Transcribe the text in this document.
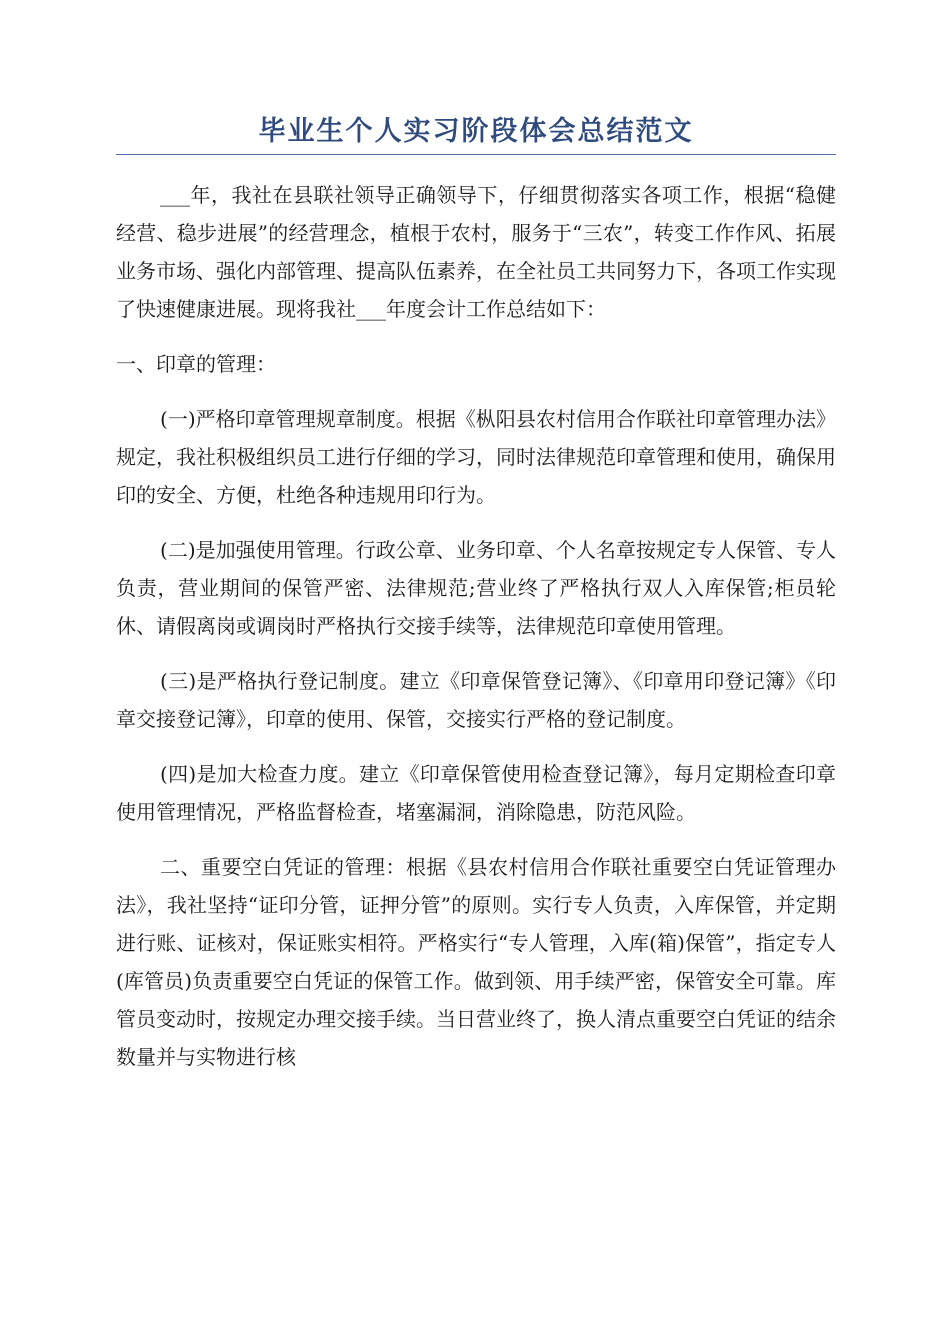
毕业生个人实习阶段体会总结范文

___年，我社在县联社领导正确领导下，仔细贯彻落实各项工作，根据“稳健经营、稳步进展”的经营理念，植根于农村，服务于“三农”，转变工作作风、拓展业务市场、强化内部管理、提高队伍素养，在全社员工共同努力下，各项工作实现了快速健康进展。现将我社___年度会计工作总结如下：

一、印章的管理：

(一)严格印章管理规章制度。根据《枞阳县农村信用合作联社印章管理办法》规定，我社积极组织员工进行仔细的学习，同时法律规范印章管理和使用，确保用印的安全、方便，杜绝各种违规用印行为。

(二)是加强使用管理。行政公章、业务印章、个人名章按规定专人保管、专人负责，营业期间的保管严密、法律规范;营业终了严格执行双人入库保管;柜员轮休、请假离岗或调岗时严格执行交接手续等，法律规范印章使用管理。

(三)是严格执行登记制度。建立《印章保管登记簿》、《印章用印登记簿》《印章交接登记簿》，印章的使用、保管，交接实行严格的登记制度。

(四)是加大检查力度。建立《印章保管使用检查登记簿》，每月定期检查印章使用管理情况，严格监督检查，堵塞漏洞，消除隐患，防范风险。

二、重要空白凭证的管理：根据《县农村信用合作联社重要空白凭证管理办法》，我社坚持“证印分管，证押分管”的原则。实行专人负责，入库保管，并定期进行账、证核对，保证账实相符。严格实行“专人管理，入库(箱)保管”，指定专人(库管员)负责重要空白凭证的保管工作。做到领、用手续严密，保管安全可靠。库管员变动时，按规定办理交接手续。当日营业终了，换人清点重要空白凭证的结余数量并与实物进行核
